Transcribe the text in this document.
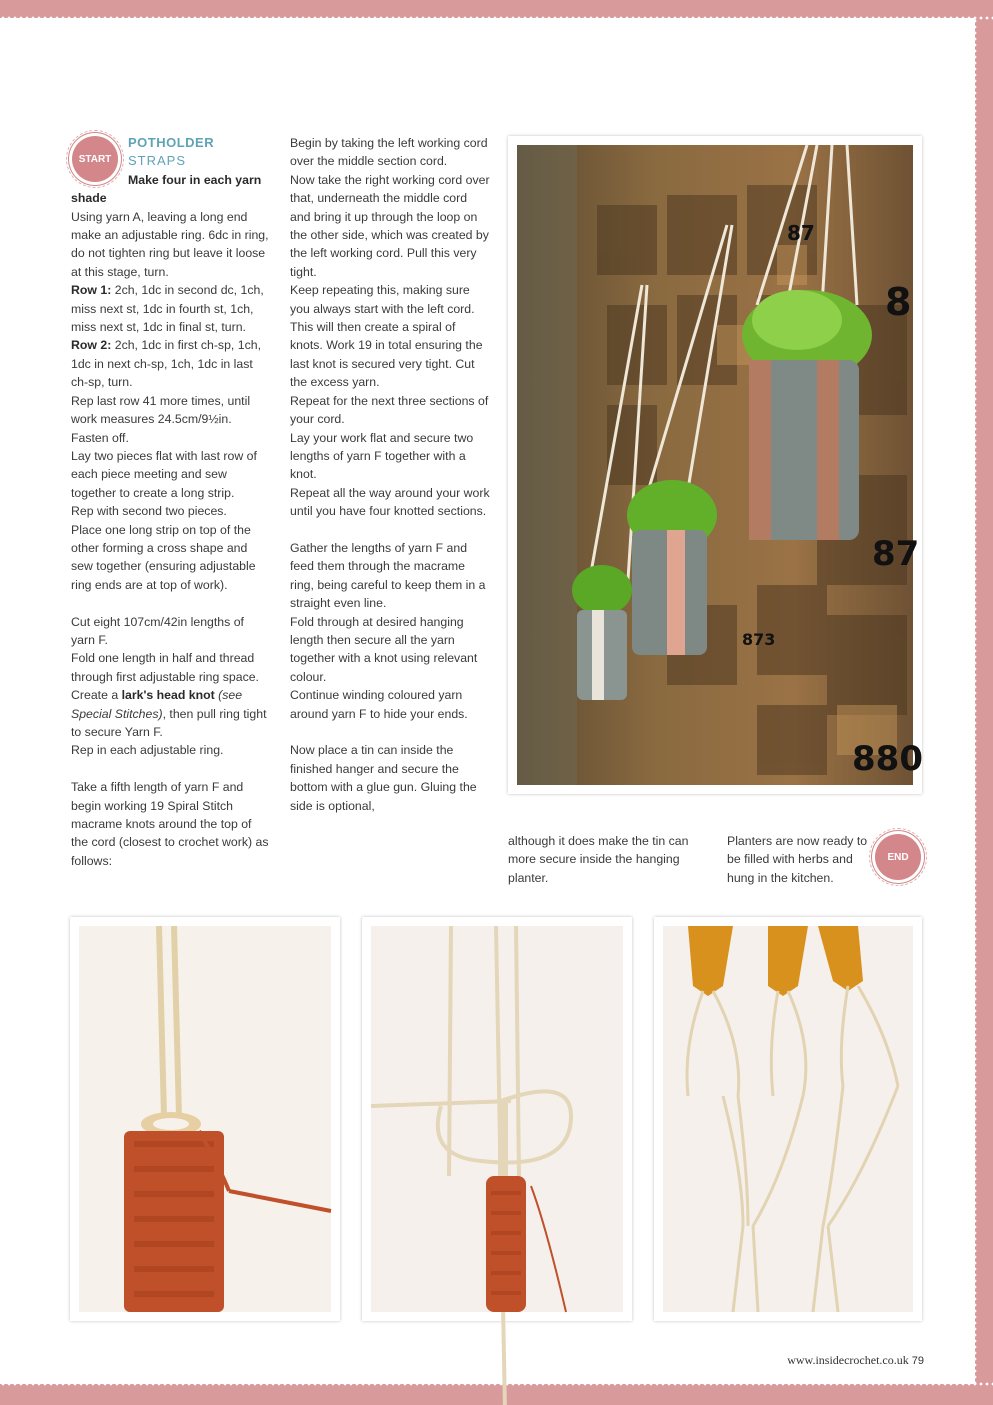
START

POTHOLDER

STRAPS

Make four in each yarn shade

Using yarn A, leaving a long end make an adjustable ring. 6dc in ring, do not tighten ring but leave it loose at this stage, turn.

Row 1: 2ch, 1dc in second dc, 1ch, miss next st, 1dc in fourth st, 1ch, miss next st, 1dc in final st, turn.

Row 2: 2ch, 1dc in first ch-sp, 1ch, 1dc in next ch-sp, 1ch, 1dc in last ch-sp, turn.

Rep last row 41 more times, until work measures 24.5cm/9½in. Fasten off.

Lay two pieces flat with last row of each piece meeting and sew together to create a long strip.

Rep with second two pieces.

Place one long strip on top of the other forming a cross shape and sew together (ensuring adjustable ring ends are at top of work).

Cut eight 107cm/42in lengths of yarn F.

Fold one length in half and thread through first adjustable ring space. Create a lark's head knot (see Special Stitches), then pull ring tight to secure Yarn F.

Rep in each adjustable ring.

Take a fifth length of yarn F and begin working 19 Spiral Stitch macrame knots around the top of the cord (closest to crochet work) as follows:

Begin by taking the left working cord over the middle section cord.

Now take the right working cord over that, underneath the middle cord and bring it up through the loop on the other side, which was created by the left working cord. Pull this very tight.

Keep repeating this, making sure you always start with the left cord.

This will then create a spiral of knots. Work 19 in total ensuring the last knot is secured very tight. Cut the excess yarn.

Repeat for the next three sections of your cord.

Lay your work flat and secure two lengths of yarn F together with a knot.

Repeat all the way around your work until you have four knotted sections.

Gather the lengths of yarn F and feed them through the macrame ring, being careful to keep them in a straight even line.

Fold through at desired hanging length then secure all the yarn together with a knot using relevant colour.

Continue winding coloured yarn around yarn F to hide your ends.

Now place a tin can inside the finished hanger and secure the bottom with a glue gun. Gluing the side is optional,

although it does make the tin can more secure inside the hanging planter.

Planters are now ready to be filled with herbs and hung in the kitchen.

END
87
8
87
873
880
www.insidecrochet.co.uk 79
